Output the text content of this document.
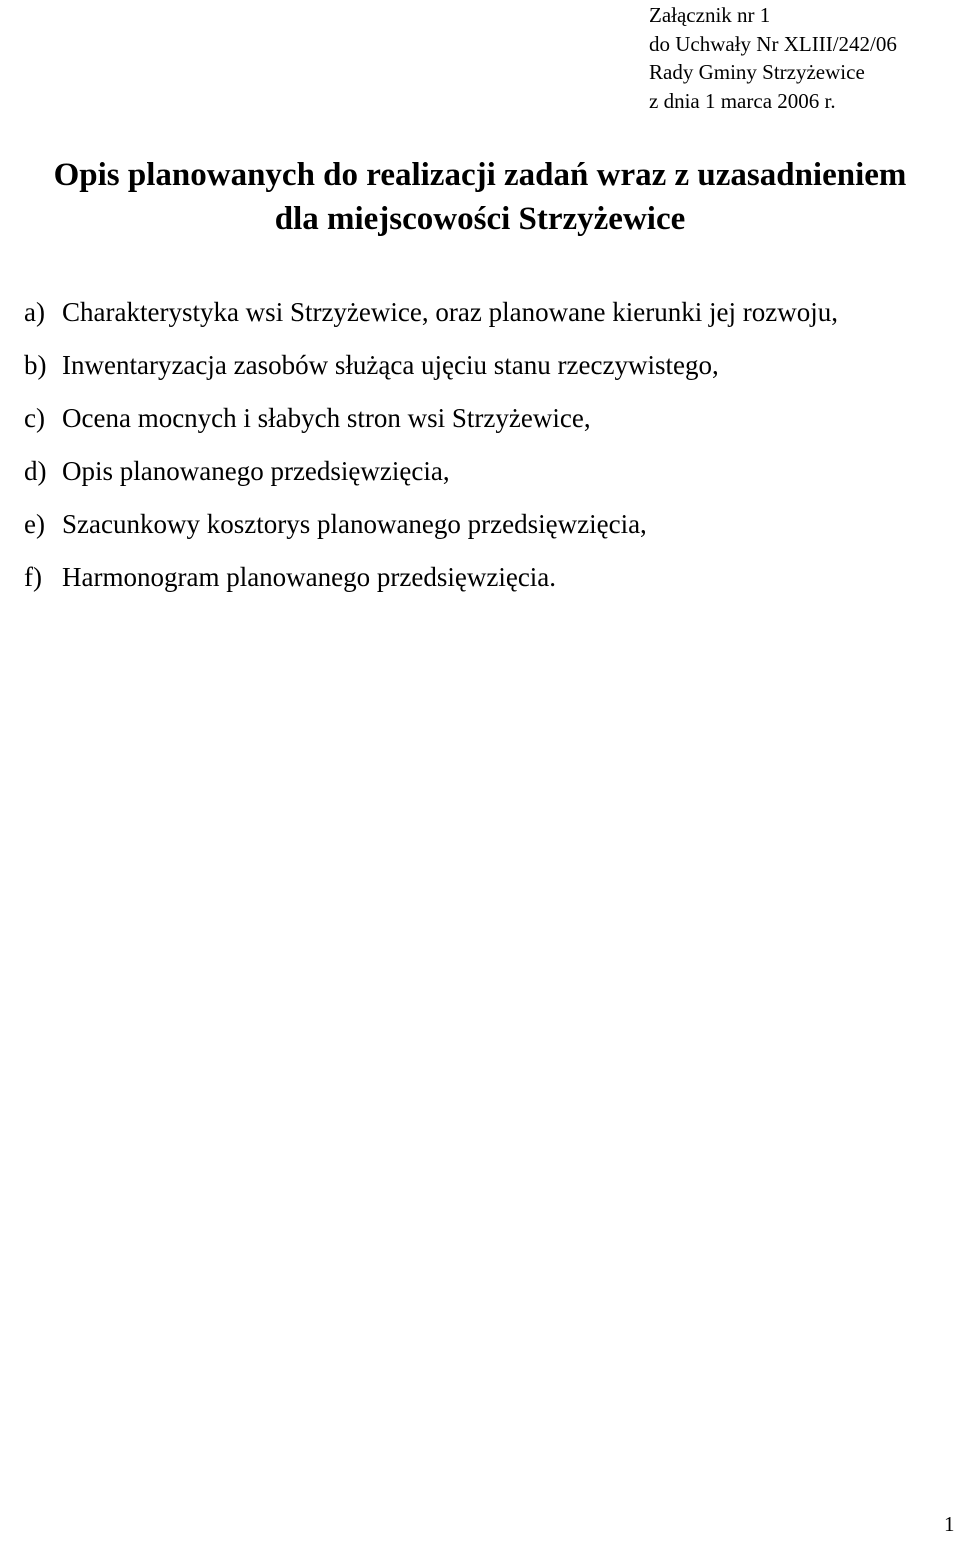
Załącznik nr 1
do Uchwały Nr XLIII/242/06
Rady Gminy Strzyżewice
z dnia 1 marca 2006 r.
Opis planowanych do realizacji zadań wraz z uzasadnieniem
dla miejscowości Strzyżewice
a) Charakterystyka wsi Strzyżewice, oraz planowane kierunki jej rozwoju,
b) Inwentaryzacja zasobów służąca ujęciu stanu rzeczywistego,
c) Ocena mocnych i słabych stron wsi Strzyżewice,
d) Opis planowanego przedsięwzięcia,
e) Szacunkowy kosztorys planowanego przedsięwzięcia,
f) Harmonogram planowanego przedsięwzięcia.
1
